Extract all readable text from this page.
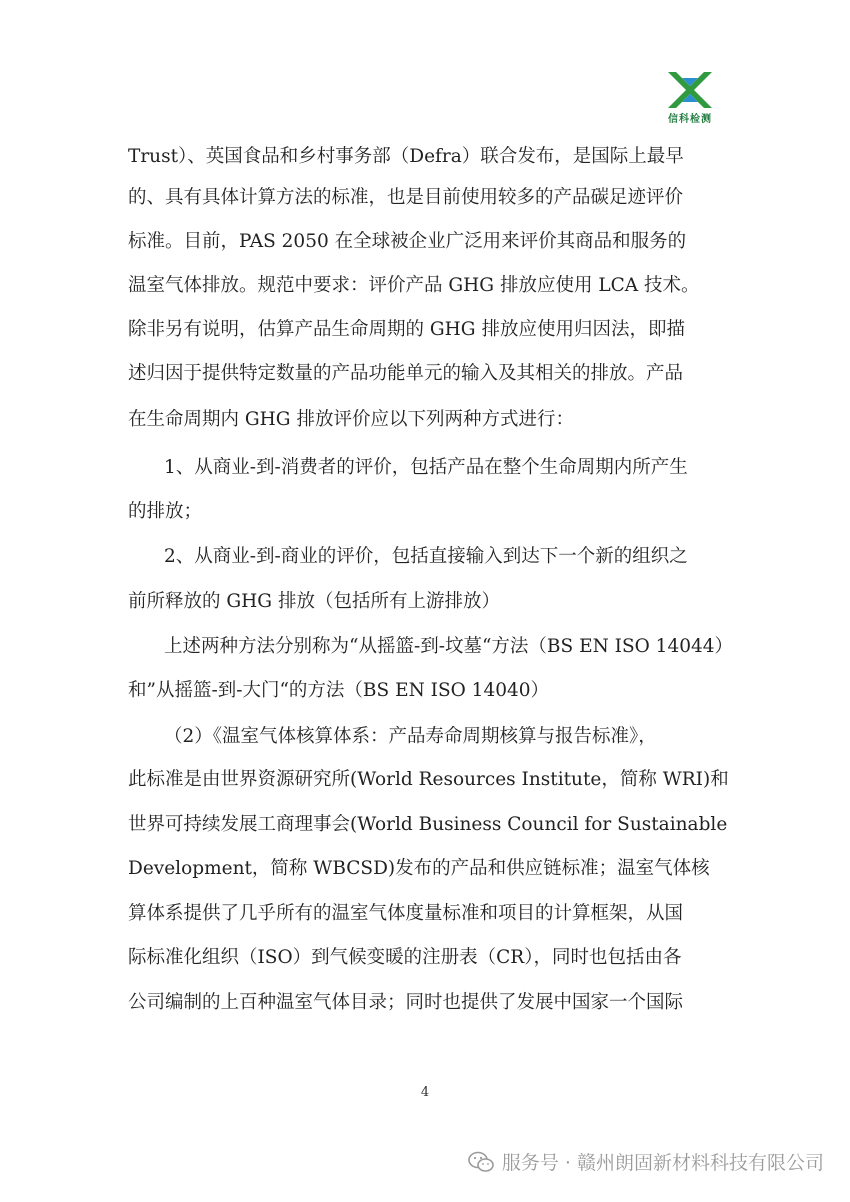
信科检测
Trust）、英国食品和乡村事务部（Defra）联合发布，是国际上最早
的、具有具体计算方法的标准，也是目前使用较多的产品碳足迹评价
标准。目前，PAS 2050 在全球被企业广泛用来评价其商品和服务的
温室气体排放。规范中要求：评价产品 GHG 排放应使用 LCA 技术。
除非另有说明，估算产品生命周期的 GHG 排放应使用归因法，即描
述归因于提供特定数量的产品功能单元的输入及其相关的排放。产品
在生命周期内 GHG 排放评价应以下列两种方式进行：
1、从商业-到-消费者的评价，包括产品在整个生命周期内所产生
的排放；
2、从商业-到-商业的评价，包括直接输入到达下一个新的组织之
前所释放的 GHG 排放（包括所有上游排放）
上述两种方法分别称为“从摇篮-到-坟墓“方法（BS EN ISO 14044）
和”从摇篮-到-大门“的方法（BS EN ISO 14040）
（2）《温室气体核算体系：产品寿命周期核算与报告标准》，
此标准是由世界资源研究所(World Resources Institute，简称 WRI)和
世界可持续发展工商理事会(World Business Council for Sustainable
Development，简称 WBCSD)发布的产品和供应链标准；温室气体核
算体系提供了几乎所有的温室气体度量标准和项目的计算框架，从国
际标准化组织（ISO）到气候变暖的注册表（CR），同时也包括由各
公司编制的上百种温室气体目录；同时也提供了发展中国家一个国际
4
服务号 · 赣州朗固新材料科技有限公司
